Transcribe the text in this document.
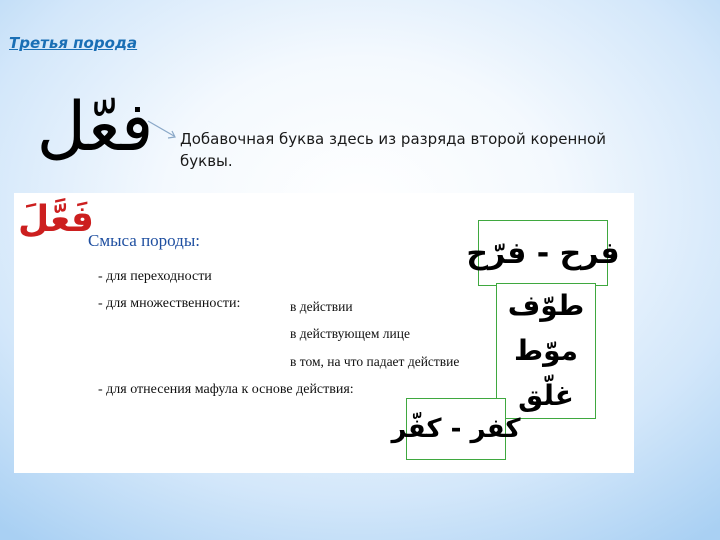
Третья порода
فعل	Добавочная буква здесь из разряда второй коренной буквы.

فَعَّلَ
Смыса породы:
- для переходности
- для множественности:	в действии
в действующем лице
в том, на что падает действие
- для отнесения мафула к основе действия:
فرح - فرّح
طوّف
موّط
غلّق
كفر - كفّر
